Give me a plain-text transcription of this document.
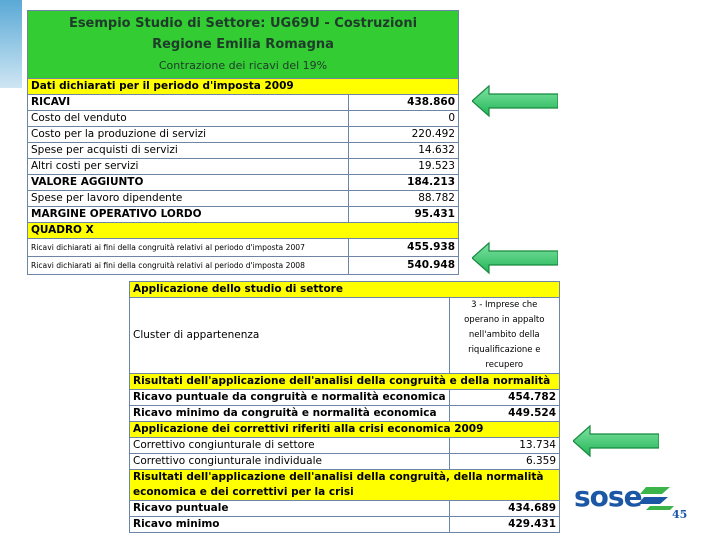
Esempio Studio di Settore: UG69U - Costruzioni
Regione Emilia Romagna
Contrazione dei ricavi del 19%	

Dati dichiarati per il periodo d'imposta 2009	
RICAVI	438.860
Costo del venduto	0
Costo per la produzione di servizi	220.492
Spese per acquisti di servizi	14.632
Altri costi per servizi	19.523
VALORE AGGIUNTO	184.213
Spese per lavoro dipendente	88.782
MARGINE OPERATIVO LORDO	95.431
QUADRO X	
Ricavi dichiarati ai fini della congruità relativi al periodo d'imposta 2007	455.938
Ricavi dichiarati ai fini della congruità relativi al periodo d'imposta 2008	540.948
Applicazione dello studio di settore	
Cluster di appartenenza	3 - Imprese che operano in appalto nell'ambito della riqualificazione e recupero
Risultati dell'applicazione dell'analisi della congruità e della normalità	
Ricavo puntuale da congruità e normalità economica	454.782
Ricavo minimo da congruità e normalità economica	449.524
Applicazione dei correttivi riferiti alla crisi economica 2009	
Correttivo congiunturale di settore	13.734
Correttivo congiunturale individuale	6.359
Risultati dell'applicazione dell'analisi della congruità, della normalità economica e dei correttivi per la crisi	
Ricavo puntuale	434.689
Ricavo minimo	429.431
sose
45
